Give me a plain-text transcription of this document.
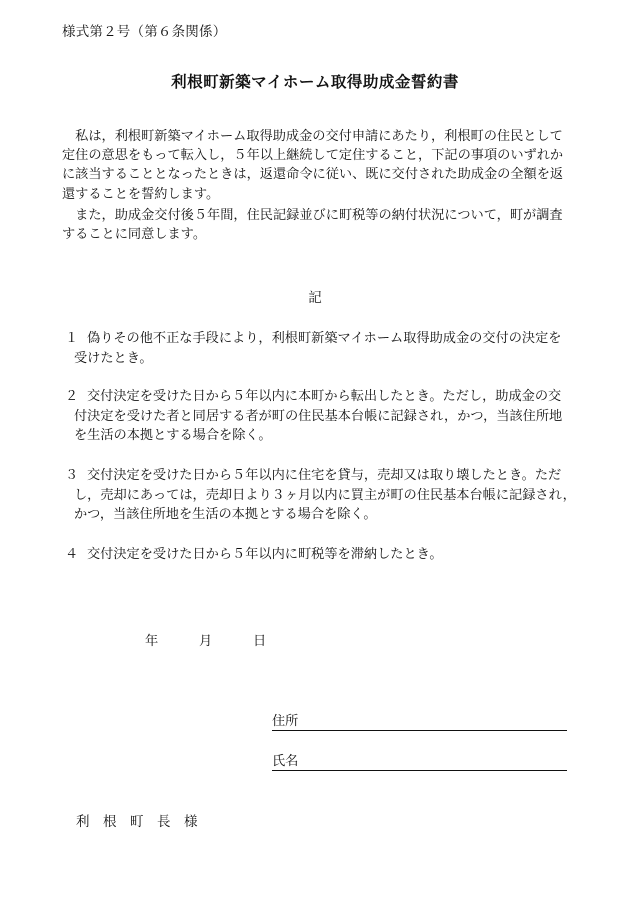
様式第２号（第６条関係）
利根町新築マイホーム取得助成金誓約書
　私は，利根町新築マイホーム取得助成金の交付申請にあたり，利根町の住民として
定住の意思をもって転入し，５年以上継続して定住すること，下記の事項のいずれか
に該当することとなったときは，返還命令に従い、既に交付された助成金の全額を返
還することを誓約します。
　また，助成金交付後５年間，住民記録並びに町税等の納付状況について，町が調査
することに同意します。
記
１ 偽りその他不正な手段により，利根町新築マイホーム取得助成金の交付の決定を
受けたとき。
２ 交付決定を受けた日から５年以内に本町から転出したとき。ただし，助成金の交
付決定を受けた者と同居する者が町の住民基本台帳に記録され，かつ，当該住所地
を生活の本拠とする場合を除く。
３ 交付決定を受けた日から５年以内に住宅を貸与，売却又は取り壊したとき。ただ
し，売却にあっては，売却日より３ヶ月以内に買主が町の住民基本台帳に記録され，
かつ，当該住所地を生活の本拠とする場合を除く。
４ 交付決定を受けた日から５年以内に町税等を滞納したとき。
年	月	日
住所
氏名
利　根　町　長　様
